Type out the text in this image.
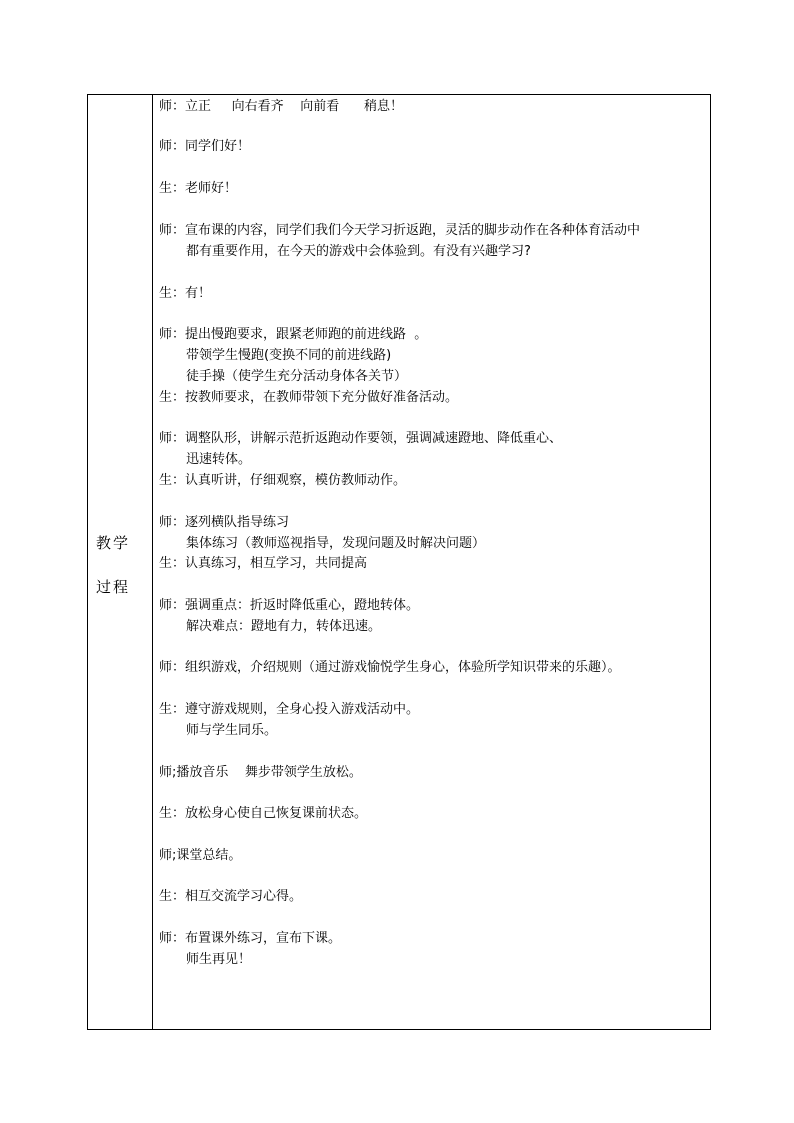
教学
过程
师：立正     向右看齐    向前看      稍息！
师：同学们好！
生：老师好！
师：宣布课的内容，同学们我们今天学习折返跑，灵活的脚步动作在各种体育活动中
都有重要作用，在今天的游戏中会体验到。有没有兴趣学习?
生：有！
师：提出慢跑要求，跟紧老师跑的前进线路  。
带领学生慢跑(变换不同的前进线路)
徒手操（使学生充分活动身体各关节）
生：按教师要求，在教师带领下充分做好准备活动。
师：调整队形，讲解示范折返跑动作要领，强调减速蹬地、降低重心、
迅速转体。
生：认真听讲，仔细观察，模仿教师动作。
师：逐列横队指导练习
集体练习（教师巡视指导，发现问题及时解决问题）
生：认真练习，相互学习，共同提高
师：强调重点：折返时降低重心，蹬地转体。
解决难点：蹬地有力，转体迅速。
师：组织游戏，介绍规则（通过游戏愉悦学生身心，体验所学知识带来的乐趣）。
生：遵守游戏规则，全身心投入游戏活动中。
师与学生同乐。
师;播放音乐    舞步带领学生放松。
生：放松身心使自己恢复课前状态。
师;课堂总结。
生：相互交流学习心得。
师：布置课外练习，宣布下课。
师生再见！
